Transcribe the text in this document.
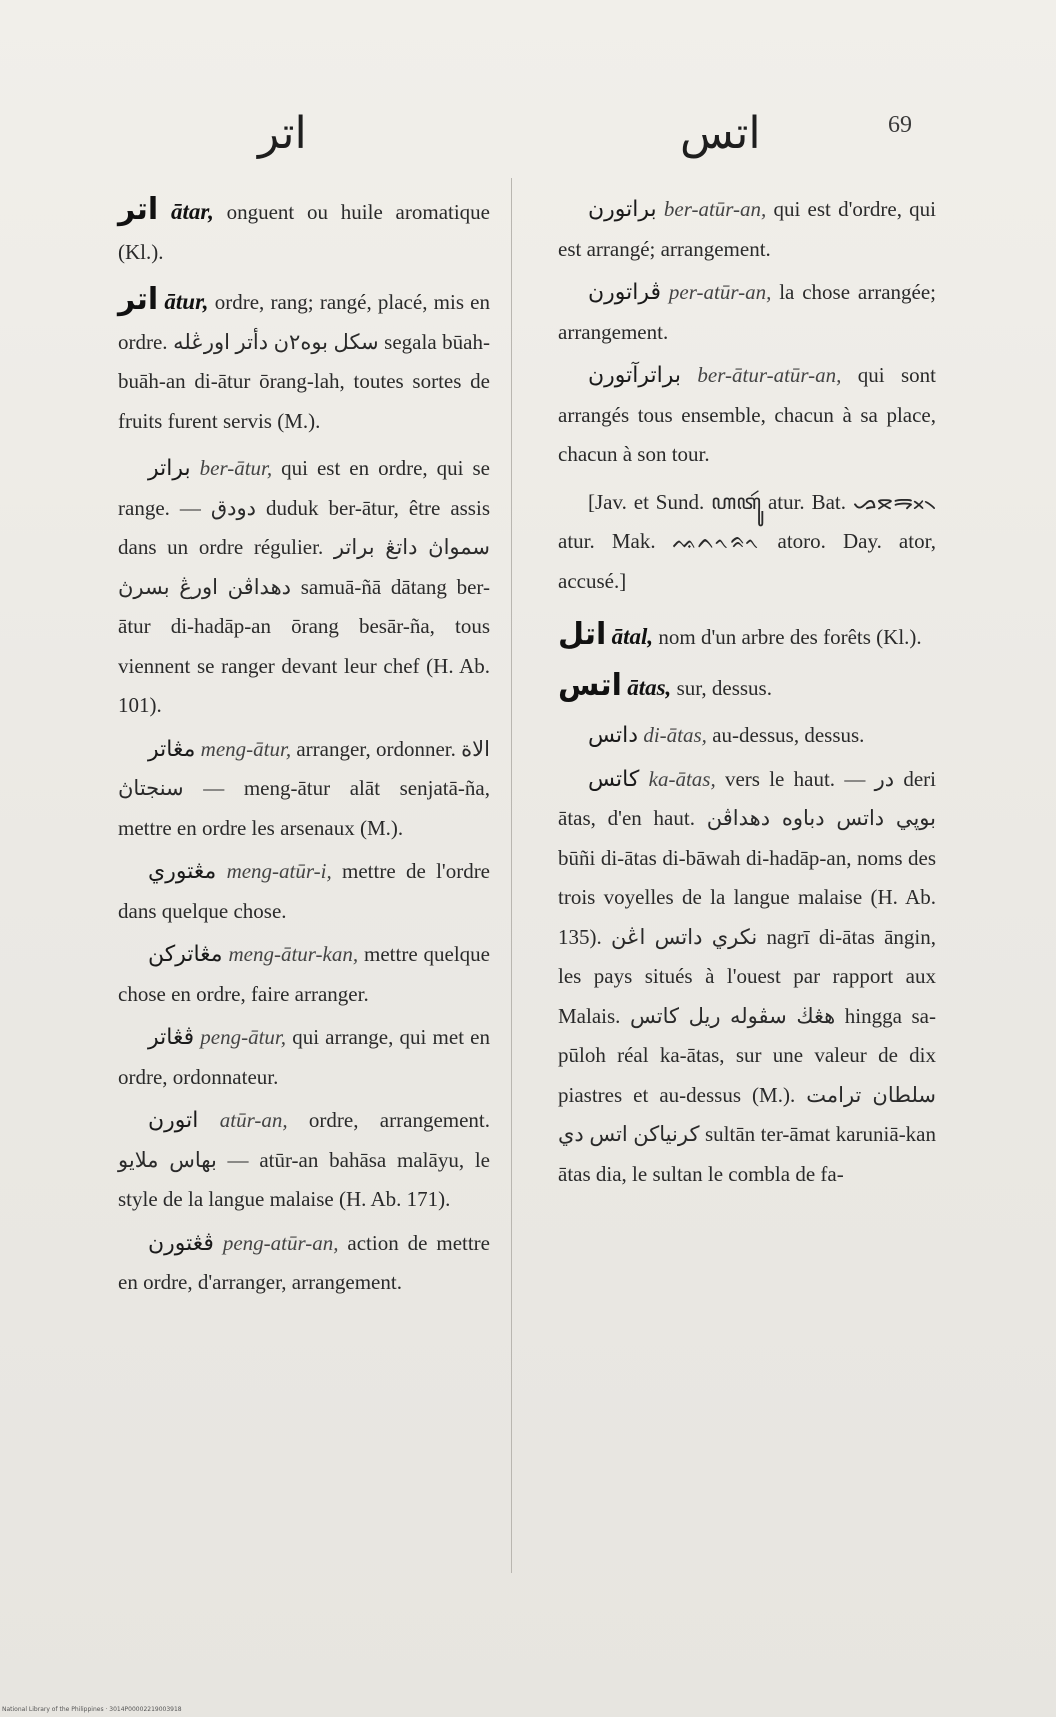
اتر	اتس	69

اتر ātar, onguent ou huile aromatique (Kl.).

اتر ātur, ordre, rang; rangé, placé, mis en ordre. سکل بوه٢ن دأتر اورڠله segala būah-buāh-an di-ātur ōrang-lah, toutes sortes de fruits furent servis (M.).

براتر ber-ātur, qui est en ordre, qui se range. — دودق duduk ber-ātur, être assis dans un ordre régulier. سمواڽ داتڠ براتر دهداڤن اورڠ بسرڽ samuā-ñā dātang ber-ātur di-hadāp-an ōrang besār-ña, tous viennent se ranger devant leur chef (H. Ab. 101).

مڠاتر meng-ātur, arranger, ordonner. الاة سنجتاڽ — meng-ātur alāt senjatā-ña, mettre en ordre les arsenaux (M.).

مڠتوري meng-atūr-i, mettre de l'ordre dans quelque chose.

مڠاترکن meng-ātur-kan, mettre quelque chose en ordre, faire arranger.

ڤڠاتر peng-ātur, qui arrange, qui met en ordre, ordonnateur.

اتورن atūr-an, ordre, arrangement. بهاس ملايو — atūr-an bahāsa malāyu, le style de la langue malaise (H. Ab. 171).

ڤڠتورن peng-atūr-an, action de mettre en ordre, d'arranger, arrangement.

براتورن ber-atūr-an, qui est d'ordre, qui est arrangé; arrangement.

ڤراتورن per-atūr-an, la chose arrangée; arrangement.

براترآتورن ber-ātur-atūr-an, qui sont arrangés tous ensemble, chacun à sa place, chacun à son tour.

[Jav. et Sund. ꦲꦠꦸꦂ atur. Bat. ᯀᯖᯬᯒ᯲ atur. Mak. ᨕᨈᨚᨑᨚ atoro. Day. ator, accusé.]

اتل ātal, nom d'un arbre des forêts (Kl.).

اتس ātas, sur, dessus.

داتس di-ātas, au-dessus, dessus.

کاتس ka-ātas, vers le haut. — در deri ātas, d'en haut. بوڽي داتس دباوه دهداڤن būñi di-ātas di-bāwah di-hadāp-an, noms des trois voyelles de la langue malaise (H. Ab. 135). نکري داتس اڠن nagrī di-ātas āngin, les pays situés à l'ouest par rapport aux Malais. هڠڬ سڤوله ريل کاتس hingga sa-pūloh réal ka-ātas, sur une valeur de dix piastres et au-dessus (M.). سلطان ترامت کرنياکن اتس دي sultān ter-āmat karuniā-kan ātas dia, le sultan le combla de fa-

National Library of the Philippines · 3014P00002219003918
